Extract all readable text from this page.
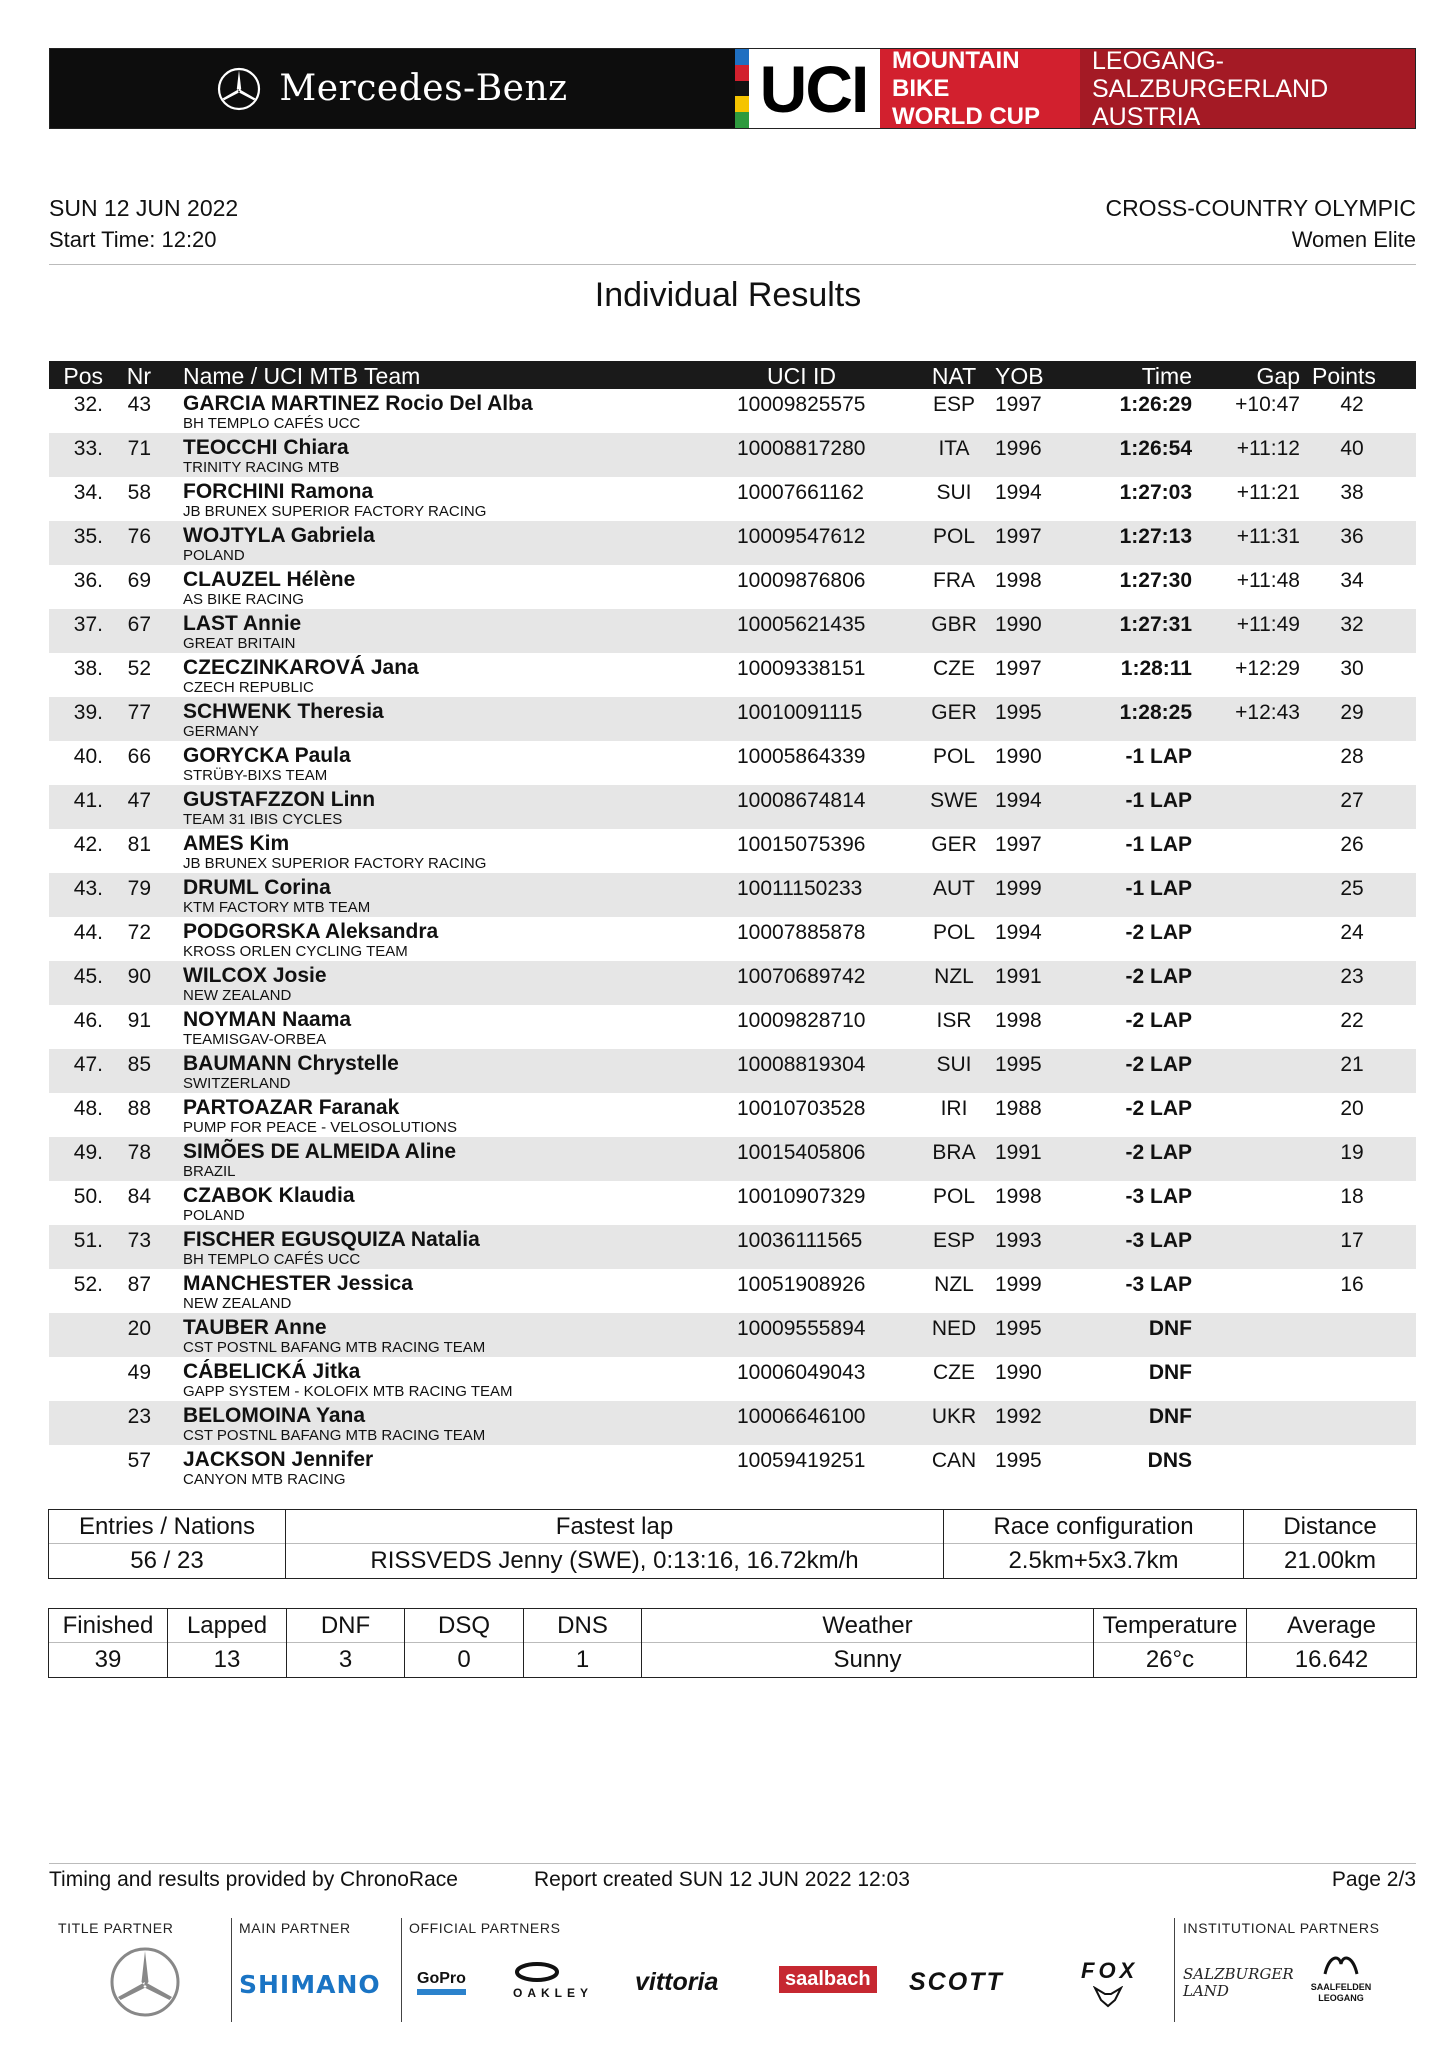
Mercedes-Benz	UCI MOUNTAIN BIKE
WORLD CUP
LEOGANG-SALZBURGERLAND
AUSTRIA
SUN 12 JUN 2022
Start Time: 12:20
CROSS-COUNTRY OLYMPIC
Women Elite
Individual Results
Pos Nr Name / UCI MTB Team	UCI ID	NAT YOB	Time	Gap Points
32. 43 GARCIA MARTINEZ Rocio Del Alba
BH TEMPLO CAFÉS UCC
10009825575	ESP 1997	1:26:29 +10:47	42
33. 71 TEOCCHI Chiara
TRINITY RACING MTB
10008817280	ITA	1996	1:26:54 +11:12	40
34. 58 FORCHINI Ramona
JB BRUNEX SUPERIOR FACTORY RACING
10007661162	SUI	1994	1:27:03 +11:21	38
35. 76 WOJTYLA Gabriela
POLAND
10009547612	POL 1997	1:27:13 +11:31	36
36. 69 CLAUZEL Hélène
AS BIKE RACING
10009876806	FRA 1998	1:27:30 +11:48	34
37. 67 LAST Annie
GREAT BRITAIN
10005621435	GBR 1990	1:27:31 +11:49	32
38. 52 CZECZINKAROVÁ Jana
CZECH REPUBLIC
10009338151	CZE 1997	1:28:11 +12:29	30
39. 77 SCHWENK Theresia
GERMANY
10010091115	GER 1995	1:28:25 +12:43	29
40. 66 GORYCKA Paula
STRÜBY-BIXS TEAM
10005864339	POL 1990	-1 LAP	28
41. 47 GUSTAFZZON Linn
TEAM 31 IBIS CYCLES
10008674814	SWE 1994	-1 LAP	27
42. 81 AMES Kim
JB BRUNEX SUPERIOR FACTORY RACING
10015075396	GER 1997	-1 LAP	26
43. 79 DRUML Corina
KTM FACTORY MTB TEAM
10011150233	AUT 1999	-1 LAP	25
44. 72 PODGORSKA Aleksandra
KROSS ORLEN CYCLING TEAM
10007885878	POL 1994	-2 LAP	24
45. 90 WILCOX Josie
NEW ZEALAND
10070689742	NZL	1991	-2 LAP	23
46. 91 NOYMAN Naama
TEAMISGAV-ORBEA
10009828710	ISR	1998	-2 LAP	22
47. 85 BAUMANN Chrystelle
SWITZERLAND
10008819304	SUI	1995	-2 LAP	21
48. 88 PARTOAZAR Faranak
PUMP FOR PEACE - VELOSOLUTIONS
10010703528	IRI	1988	-2 LAP	20
49. 78 SIMÕES DE ALMEIDA Aline
BRAZIL
10015405806	BRA 1991	-2 LAP	19
50. 84 CZABOK Klaudia
POLAND
10010907329	POL 1998	-3 LAP	18
51. 73 FISCHER EGUSQUIZA Natalia
BH TEMPLO CAFÉS UCC
10036111565	ESP 1993	-3 LAP	17
52. 87 MANCHESTER Jessica
NEW ZEALAND
10051908926	NZL	1999	-3 LAP	16
20 TAUBER Anne
CST POSTNL BAFANG MTB RACING TEAM
10009555894	NED 1995	DNF
49 CÁBELICKÁ Jitka
GAPP SYSTEM - KOLOFIX MTB RACING TEAM
10006049043	CZE 1990	DNF
23 BELOMOINA Yana
CST POSTNL BAFANG MTB RACING TEAM
10006646100	UKR 1992	DNF
57 JACKSON Jennifer
CANYON MTB RACING
10059419251	CAN 1995	DNS
Entries / Nations
56 / 23
Fastest lap
RISSVEDS Jenny (SWE), 0:13:16, 16.72km/h
Race configuration
2.5km+5x3.7km
Distance
21.00km
Finished
39
Lapped
13
DNF
3
DSQ
0
DNS
1
Weather
Sunny
Temperature
26°c
Average
16.642
Timing and results provided by ChronoRace	Report created SUN 12 JUN 2022 12:03	Page 2/3
TITLE PARTNER	MAIN PARTNER
SHIMANO
OFFICIAL PARTNERS
GoPro
OAKLEY vittoria	saalbach SCOTT	FOX
INSTITUTIONAL PARTNERS
SALZBURGER LAND	SAALFELDEN LEOGANG
